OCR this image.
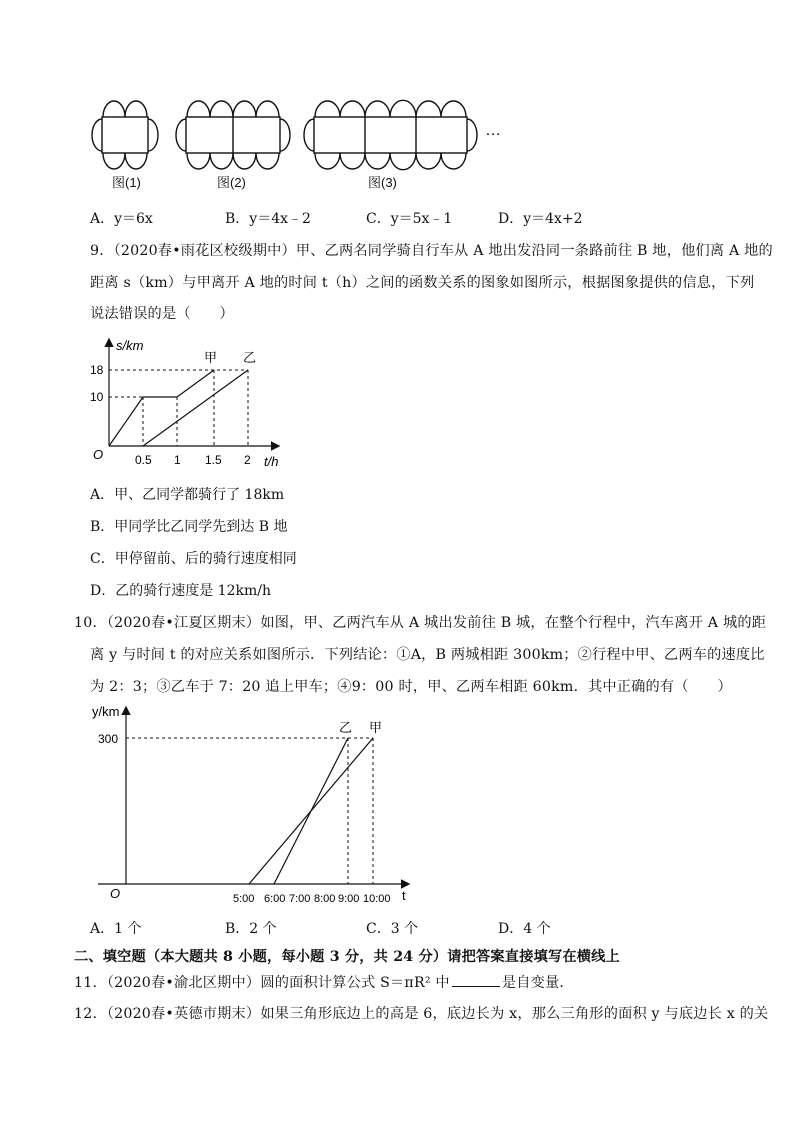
…
图(1)	图(2)	图(3)
A．y＝6x	B．y＝4x﹣2	C．y＝5x﹣1	D．y＝4x+2
9．（2020春•雨花区校级期中）甲、乙两名同学骑自行车从 A 地出发沿同一条路前往 B 地，他们离 A 地的
距离 s（km）与甲离开 A 地的时间 t（h）之间的函数关系的图象如图所示，根据图象提供的信息，下列
说法错误的是（　　）
s/km
18
10
O	0.5 1 1.5 2 t/h
甲 乙
A．甲、乙同学都骑行了 18km
B．甲同学比乙同学先到达 B 地
C．甲停留前、后的骑行速度相同
D．乙的骑行速度是 12km/h
10．（2020春•江夏区期末）如图，甲、乙两汽车从 A 城出发前往 B 城，在整个行程中，汽车离开 A 城的距
离 y 与时间 t 的对应关系如图所示．下列结论：①A，B 两城相距 300km；②行程中甲、乙两车的速度比
为 2：3；③乙车于 7：20 追上甲车；④9：00 时，甲、乙两车相距 60km．其中正确的有（　　）
y/km
300
O	5:00 6:00 7:00 8:00 9:00 10:00 t
乙 甲
A．1 个	B．2 个	C．3 个	D．4 个
二、填空题（本大题共 8 小题，每小题 3 分，共 24 分）请把答案直接填写在横线上
11．（2020春•渝北区期中）圆的面积计算公式 S＝πR² 中	是自变量．
12．（2020春•英德市期末）如果三角形底边上的高是 6，底边长为 x，那么三角形的面积 y 与底边长 x 的关
